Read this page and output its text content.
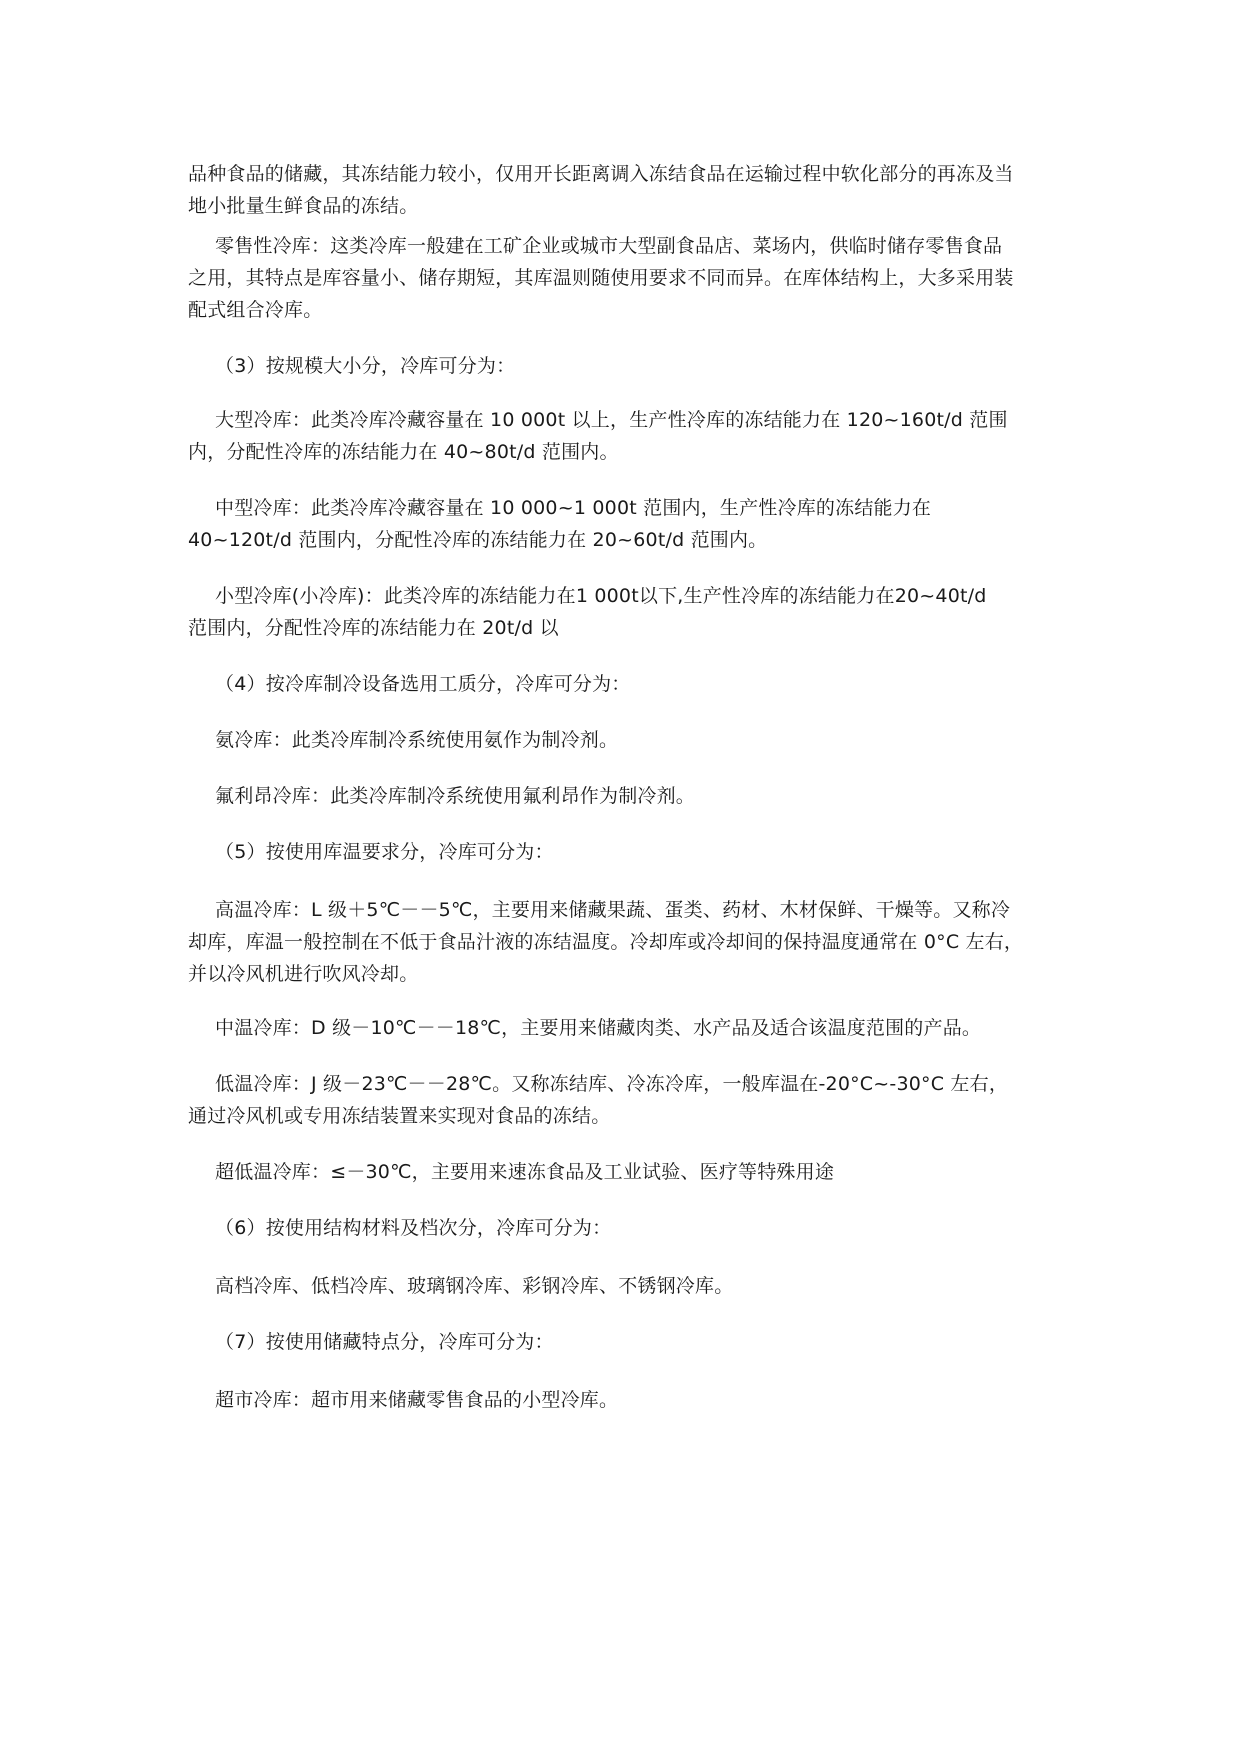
品种食品的储藏，其冻结能力较小，仅用开长距离调入冻结食品在运输过程中软化部分的再冻及当
地小批量生鲜食品的冻结。

零售性冷库：这类冷库一般建在工矿企业或城市大型副食品店、菜场内，供临时储存零售食品
之用，其特点是库容量小、储存期短，其库温则随使用要求不同而异。在库体结构上，大多采用装
配式组合冷库。

（3）按规模大小分，冷库可分为：

大型冷库：此类冷库冷藏容量在 10 000t 以上，生产性冷库的冻结能力在 120~160t/d 范围
内，分配性冷库的冻结能力在 40~80t/d 范围内。

中型冷库：此类冷库冷藏容量在 10 000~1 000t 范围内，生产性冷库的冻结能力在
40~120t/d 范围内，分配性冷库的冻结能力在 20~60t/d 范围内。

小型冷库(小冷库)：此类冷库的冻结能力在1 000t以下,生产性冷库的冻结能力在20~40t/d
范围内，分配性冷库的冻结能力在 20t/d 以

（4）按冷库制冷设备选用工质分，冷库可分为：

氨冷库：此类冷库制冷系统使用氨作为制冷剂。

氟利昂冷库：此类冷库制冷系统使用氟利昂作为制冷剂。

（5）按使用库温要求分，冷库可分为：

高温冷库：L 级＋5℃－－5℃，主要用来储藏果蔬、蛋类、药材、木材保鲜、干燥等。又称冷
却库，库温一般控制在不低于食品汁液的冻结温度。冷却库或冷却间的保持温度通常在 0°C 左右，
并以冷风机进行吹风冷却。

中温冷库：D 级－10℃－－18℃，主要用来储藏肉类、水产品及适合该温度范围的产品。

低温冷库：J 级－23℃－－28℃。又称冻结库、冷冻冷库，一般库温在-20°C~-30°C 左右，
通过冷风机或专用冻结装置来实现对食品的冻结。

超低温冷库：≤－30℃，主要用来速冻食品及工业试验、医疗等特殊用途

（6）按使用结构材料及档次分，冷库可分为：

高档冷库、低档冷库、玻璃钢冷库、彩钢冷库、不锈钢冷库。

（7）按使用储藏特点分，冷库可分为：

超市冷库：超市用来储藏零售食品的小型冷库。
